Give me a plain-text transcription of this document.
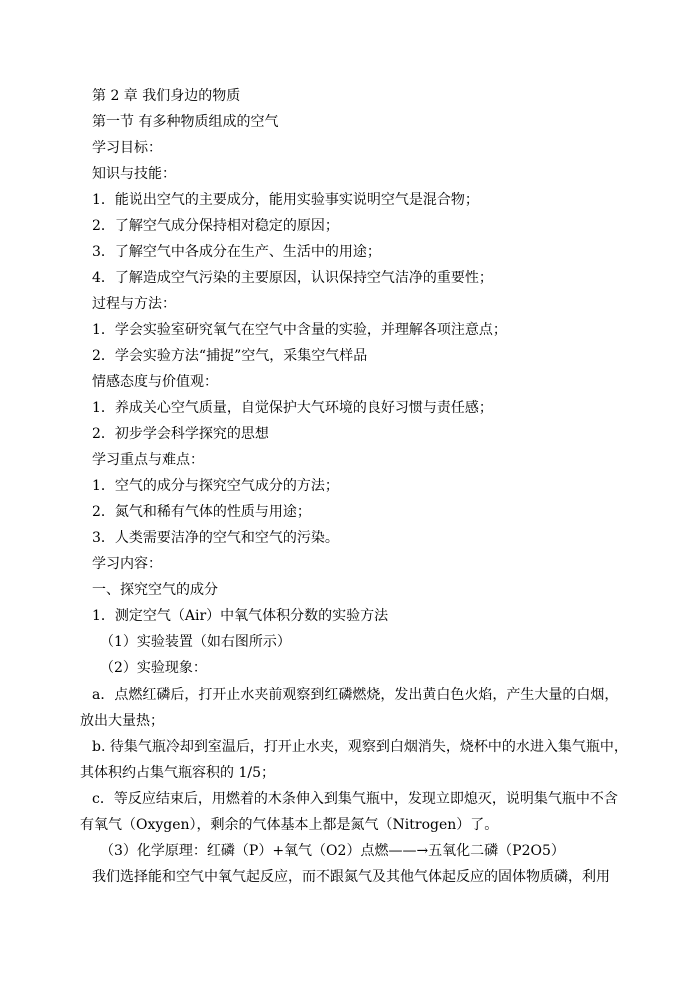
第 2 章 我们身边的物质
第一节 有多种物质组成的空气
学习目标：
知识与技能：
1．能说出空气的主要成分，能用实验事实说明空气是混合物；
2．了解空气成分保持相对稳定的原因；
3．了解空气中各成分在生产、生活中的用途；
4．了解造成空气污染的主要原因，认识保持空气洁净的重要性；
过程与方法：
1．学会实验室研究氧气在空气中含量的实验，并理解各项注意点；
2．学会实验方法“捕捉”空气，采集空气样品
情感态度与价值观：
1．养成关心空气质量，自觉保护大气环境的良好习惯与责任感；
2．初步学会科学探究的思想
学习重点与难点：
1．空气的成分与探究空气成分的方法；
2．氮气和稀有气体的性质与用途；
3．人类需要洁净的空气和空气的污染。
学习内容：
一、探究空气的成分
1．测定空气（Air）中氧气体积分数的实验方法
（1）实验装置（如右图所示）
（2）实验现象：
a．点燃红磷后，打开止水夹前观察到红磷燃烧，发出黄白色火焰，产生大量的白烟，
放出大量热；
b. 待集气瓶冷却到室温后，打开止水夹，观察到白烟消失，烧杯中的水进入集气瓶中，
其体积约占集气瓶容积的 1/5；
c．等反应结束后，用燃着的木条伸入到集气瓶中，发现立即熄灭，说明集气瓶中不含
有氧气（Oxygen），剩余的气体基本上都是氮气（Nitrogen）了。
（3）化学原理：红磷（P）+氧气（O2）点燃——→五氧化二磷（P2O5）
我们选择能和空气中氧气起反应，而不跟氮气及其他气体起反应的固体物质磷，利用
